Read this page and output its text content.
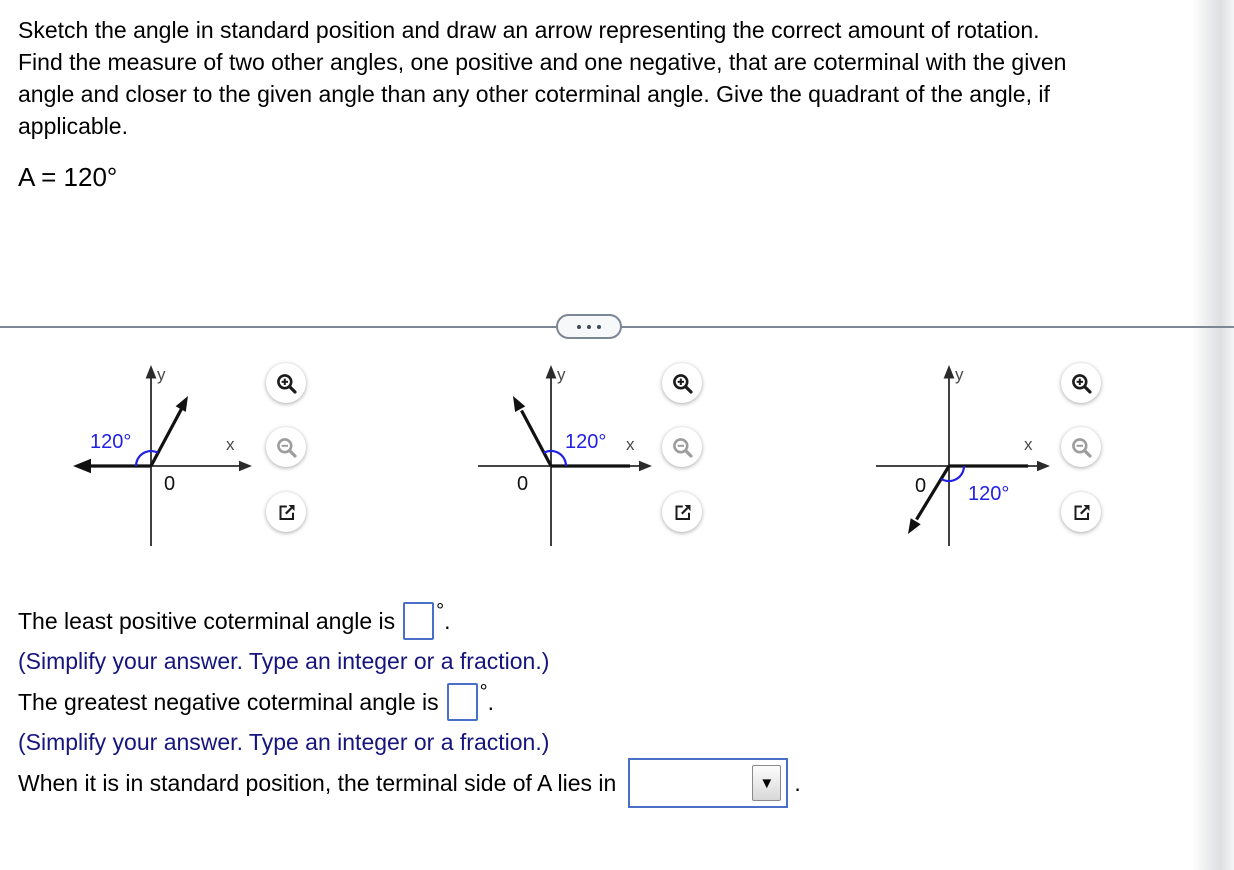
Sketch the angle in standard position and draw an arrow representing the correct amount of rotation.
Find the measure of two other angles, one positive and one negative, that are coterminal with the given
angle and closer to the given angle than any other coterminal angle. Give the quadrant of the angle, if
applicable.
A = 120°
120°	x
y
0
120° x
y
0	120°
x
y
0
The least positive coterminal angle is ° .
(Simplify your answer. Type an integer or a fraction.)
The greatest negative coterminal angle is ° .
(Simplify your answer. Type an integer or a fraction.)
When it is in standard position, the terminal side of A lies in	▼ .
